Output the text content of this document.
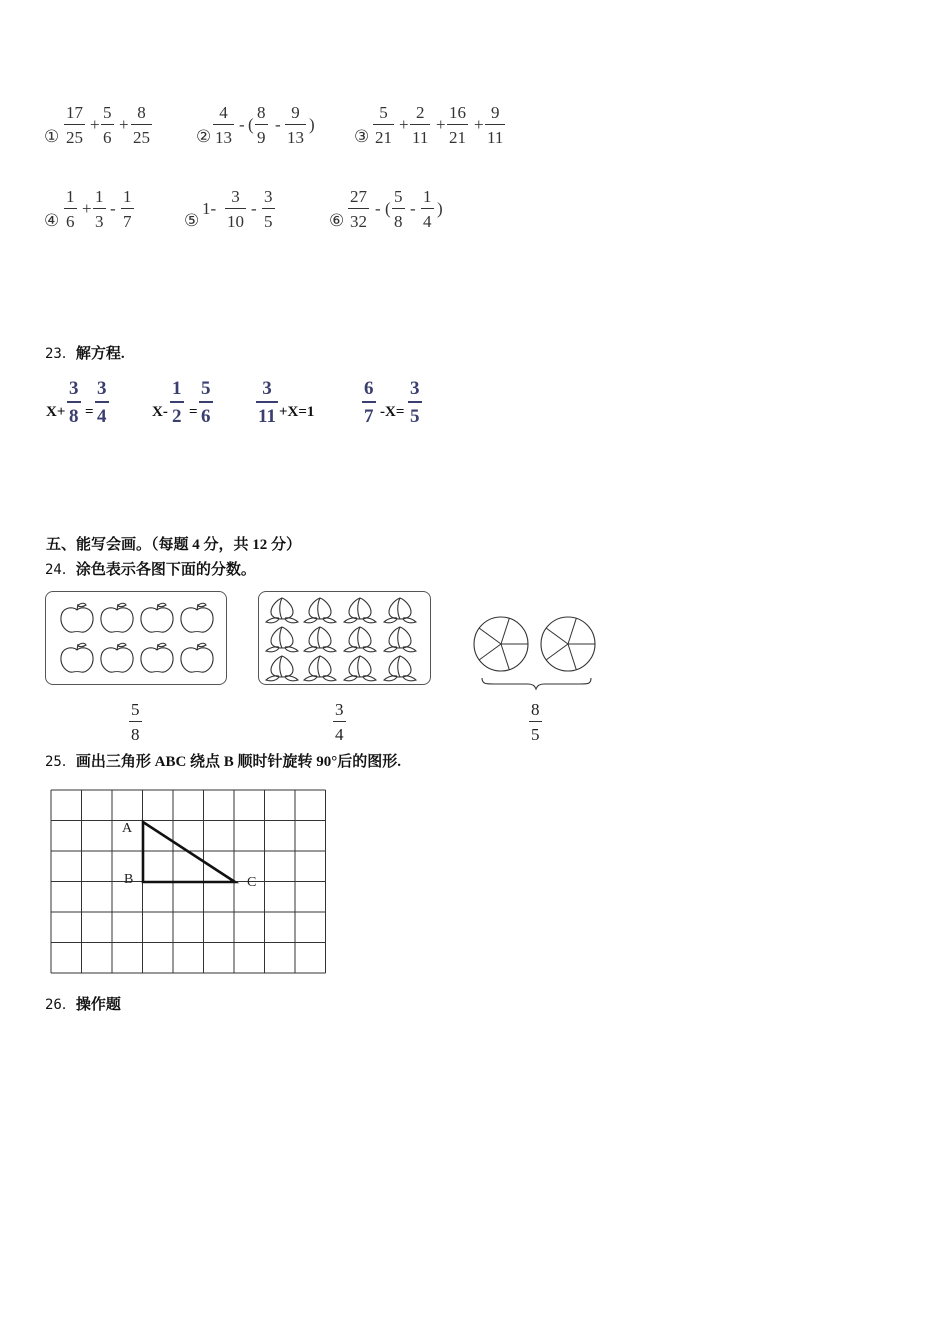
①
17
25
+
5
6
+
8
25	②
4
13
- (
8
9
-
9
13
)
③
5
21
+
2
11
+
16
21
+
9
11
④
1
6
+
1
3
-
1
7	⑤
1-
3
10
-
3
5	⑥
27
32
- (
5
8
-
1
4
)
23．解方程.
X+
3
8 =
3
4	X-
1
2 =
5
6
3
11 +X=1
6
7 -X=
3
5
五、能写会画。（每题 4 分，共 12 分）
24．涂色表示各图下面的分数。
5
8
3
4
8
5
25．画出三角形 ABC 绕点 B 顺时针旋转 90°后的图形.
A
B	C
26．操作题
